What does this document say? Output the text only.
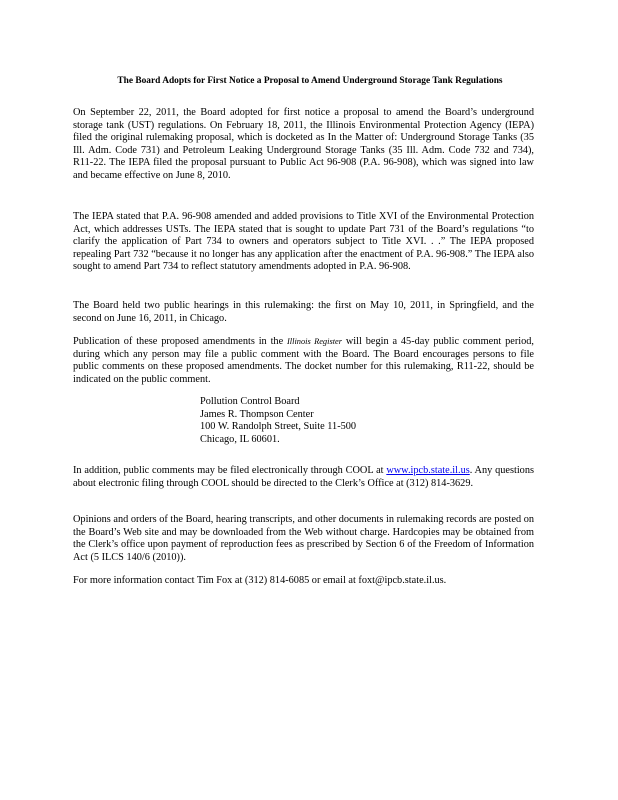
The Board Adopts for First Notice a Proposal to Amend Underground Storage Tank Regulations

On September 22, 2011, the Board adopted for first notice a proposal to amend the Board’s underground storage tank (UST) regulations. On February 18, 2011, the Illinois Environmental Protection Agency (IEPA) filed the original rulemaking proposal, which is docketed as In the Matter of: Underground Storage Tanks (35 Ill. Adm. Code 731) and Petroleum Leaking Underground Storage Tanks (35 Ill. Adm. Code 732 and 734), R11-22. The IEPA filed the proposal pursuant to Public Act 96-908 (P.A. 96-908), which was signed into law and became effective on June 8, 2010.

The IEPA stated that P.A. 96-908 amended and added provisions to Title XVI of the Environmental Protection Act, which addresses USTs. The IEPA stated that is sought to update Part 731 of the Board’s regulations “to clarify the application of Part 734 to owners and operators subject to Title XVI. . .” The IEPA proposed repealing Part 732 “because it no longer has any application after the enactment of P.A. 96-908.” The IEPA also sought to amend Part 734 to reflect statutory amendments adopted in P.A. 96-908.

The Board held two public hearings in this rulemaking: the first on May 10, 2011, in Springfield, and the second on June 16, 2011, in Chicago.

Publication of these proposed amendments in the Illinois Register will begin a 45-day public comment period, during which any person may file a public comment with the Board. The Board encourages persons to file public comments on these proposed amendments. The docket number for this rulemaking, R11-22, should be indicated on the public comment.

Pollution Control Board
James R. Thompson Center
100 W. Randolph Street, Suite 11-500
Chicago, IL 60601.

In addition, public comments may be filed electronically through COOL at www.ipcb.state.il.us. Any questions about electronic filing through COOL should be directed to the Clerk’s Office at (312) 814-3629.

Opinions and orders of the Board, hearing transcripts, and other documents in rulemaking records are posted on the Board’s Web site and may be downloaded from the Web without charge. Hardcopies may be obtained from the Clerk’s office upon payment of reproduction fees as prescribed by Section 6 of the Freedom of Information Act (5 ILCS 140/6 (2010)).

For more information contact Tim Fox at (312) 814-6085 or email at foxt@ipcb.state.il.us.
